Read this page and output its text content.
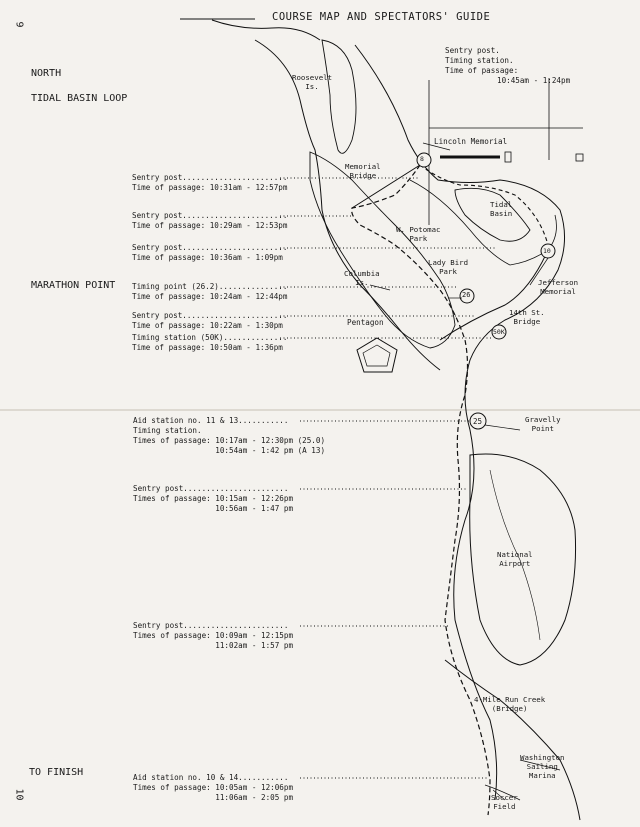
COURSE MAP AND SPECTATORS' GUIDE
9
10
NORTH
TIDAL BASIN LOOP
MARATHON POINT
TO FINISH
Sentry post.
Timing station.
Time of passage:
10:45am - 1:24pm
Sentry post.......................
Time of passage: 10:31am - 12:57pm
Sentry post.......................
Time of passage: 10:29am - 12:53pm
Sentry post.......................
Time of passage: 10:36am - 1:09pm
Timing point (26.2)...............
Time of passage: 10:24am - 12:44pm
Sentry post.......................
Time of passage: 10:22am - 1:30pm
Timing station (50K)..............
Time of passage: 10:50am - 1:36pm
Aid station no. 11 & 13...........
Timing station.
Times of passage: 10:17am - 12:30pm (25.0)
10:54am - 1:42 pm (A 13)
Sentry post.......................
Times of passage: 10:15am - 12:26pm
10:56am - 1:47 pm
Sentry post.......................
Times of passage: 10:09am - 12:15pm
11:02am - 1:57 pm
Aid station no. 10 & 14...........
Times of passage: 10:05am - 12:06pm
11:06am - 2:05 pm
Roosevelt
Is.
Lincoln Memorial
Memorial
Bridge
Tidal
Basin
W. Potomac
Park
Lady Bird
Park
Columbia
Is.	Jefferson
Memorial
14th St.
Bridge
Pentagon
Gravelly
Point
National
Airport
4-Mile Run Creek
(Bridge)
Washington
Sailing
Marina
Soccer
Field
8
26
50K
25
10
